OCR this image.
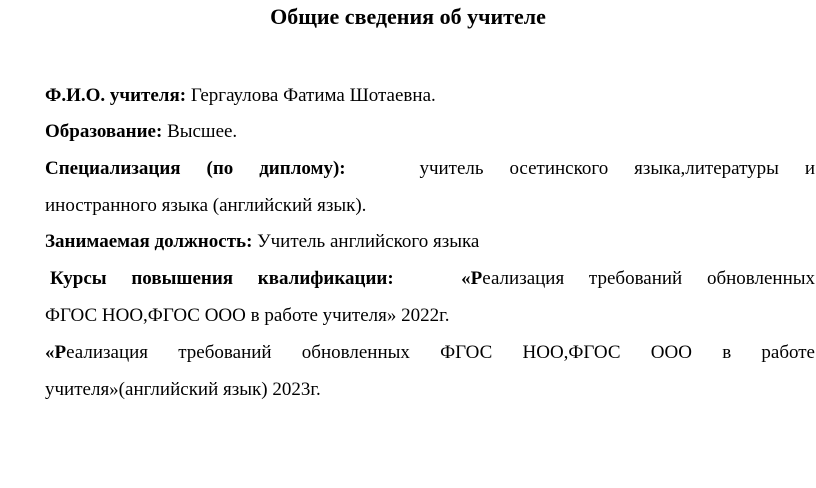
Общие сведения об учителе
Ф.И.О. учителя: Гергаулова Фатима Шотаевна.
Образование: Высшее.
Специализация (по диплому):	учитель осетинского языка,литературы и
иностранного языка (английский язык).
Занимаемая должность: Учитель английского языка
Курсы повышения квалификации:	«Реализация требований обновленных
ФГОС НОО,ФГОС ООО в работе учителя» 2022г.
«Реализация требований обновленных ФГОС НОО,ФГОС ООО в работе
учителя»(английский язык) 2023г.
